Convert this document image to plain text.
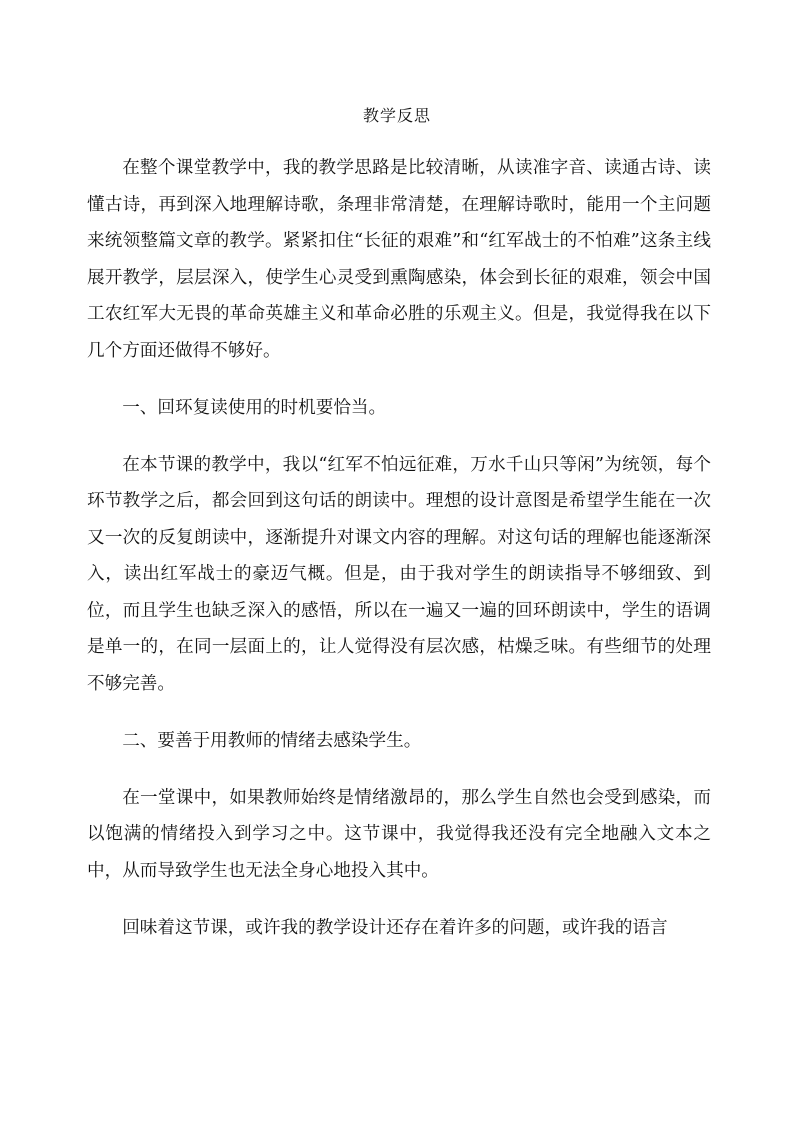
教学反思

在整个课堂教学中，我的教学思路是比较清晰，从读准字音、读通古诗、读懂古诗，再到深入地理解诗歌，条理非常清楚，在理解诗歌时，能用一个主问题来统领整篇文章的教学。紧紧扣住“长征的艰难”和“红军战士的不怕难”这条主线展开教学，层层深入，使学生心灵受到熏陶感染，体会到长征的艰难，领会中国工农红军大无畏的革命英雄主义和革命必胜的乐观主义。但是，我觉得我在以下几个方面还做得不够好。

一、回环复读使用的时机要恰当。

在本节课的教学中，我以“红军不怕远征难，万水千山只等闲”为统领，每个环节教学之后，都会回到这句话的朗读中。理想的设计意图是希望学生能在一次又一次的反复朗读中，逐渐提升对课文内容的理解。对这句话的理解也能逐渐深入，读出红军战士的豪迈气概。但是，由于我对学生的朗读指导不够细致、到位，而且学生也缺乏深入的感悟，所以在一遍又一遍的回环朗读中，学生的语调是单一的，在同一层面上的，让人觉得没有层次感，枯燥乏味。有些细节的处理不够完善。

二、要善于用教师的情绪去感染学生。

在一堂课中，如果教师始终是情绪激昂的，那么学生自然也会受到感染，而以饱满的情绪投入到学习之中。这节课中，我觉得我还没有完全地融入文本之中，从而导致学生也无法全身心地投入其中。

回味着这节课，或许我的教学设计还存在着许多的问题，或许我的语言
